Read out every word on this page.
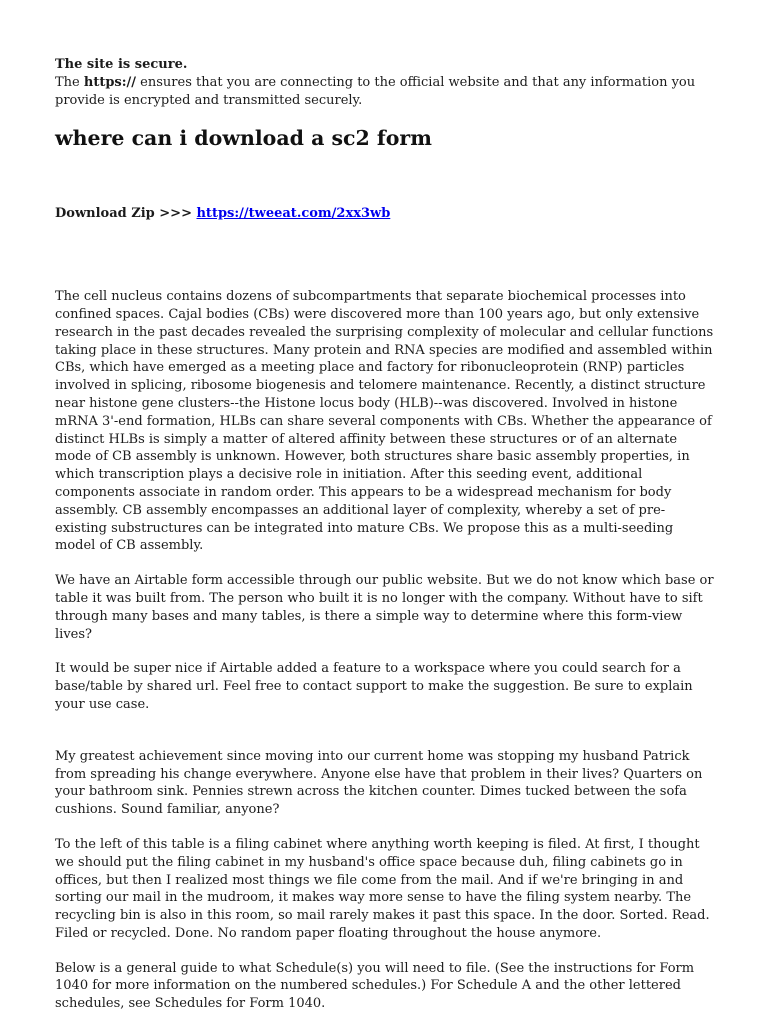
The site is secure.
The https:// ensures that you are connecting to the official website and that any information you provide is encrypted and transmitted securely.
where can i download a sc2 form

Download Zip >>> https://tweeat.com/2xx3wb

The cell nucleus contains dozens of subcompartments that separate biochemical processes into confined spaces. Cajal bodies (CBs) were discovered more than 100 years ago, but only extensive research in the past decades revealed the surprising complexity of molecular and cellular functions taking place in these structures. Many protein and RNA species are modified and assembled within CBs, which have emerged as a meeting place and factory for ribonucleoprotein (RNP) particles involved in splicing, ribosome biogenesis and telomere maintenance. Recently, a distinct structure near histone gene clusters--the Histone locus body (HLB)--was discovered. Involved in histone mRNA 3'-end formation, HLBs can share several components with CBs. Whether the appearance of distinct HLBs is simply a matter of altered affinity between these structures or of an alternate mode of CB assembly is unknown. However, both structures share basic assembly properties, in which transcription plays a decisive role in initiation. After this seeding event, additional components associate in random order. This appears to be a widespread mechanism for body assembly. CB assembly encompasses an additional layer of complexity, whereby a set of pre-existing substructures can be integrated into mature CBs. We propose this as a multi-seeding model of CB assembly.

We have an Airtable form accessible through our public website. But we do not know which base or table it was built from. The person who built it is no longer with the company. Without have to sift through many bases and many tables, is there a simple way to determine where this form-view lives?

It would be super nice if Airtable added a feature to a workspace where you could search for a base/table by shared url. Feel free to contact support to make the suggestion. Be sure to explain your use case.

My greatest achievement since moving into our current home was stopping my husband Patrick from spreading his change everywhere. Anyone else have that problem in their lives? Quarters on your bathroom sink. Pennies strewn across the kitchen counter. Dimes tucked between the sofa cushions. Sound familiar, anyone?

To the left of this table is a filing cabinet where anything worth keeping is filed. At first, I thought we should put the filing cabinet in my husband's office space because duh, filing cabinets go in offices, but then I realized most things we file come from the mail. And if we're bringing in and sorting our mail in the mudroom, it makes way more sense to have the filing system nearby. The recycling bin is also in this room, so mail rarely makes it past this space. In the door. Sorted. Read. Filed or recycled. Done. No random paper floating throughout the house anymore.

Below is a general guide to what Schedule(s) you will need to file. (See the instructions for Form 1040 for more information on the numbered schedules.) For Schedule A and the other lettered schedules, see Schedules for Form 1040.
